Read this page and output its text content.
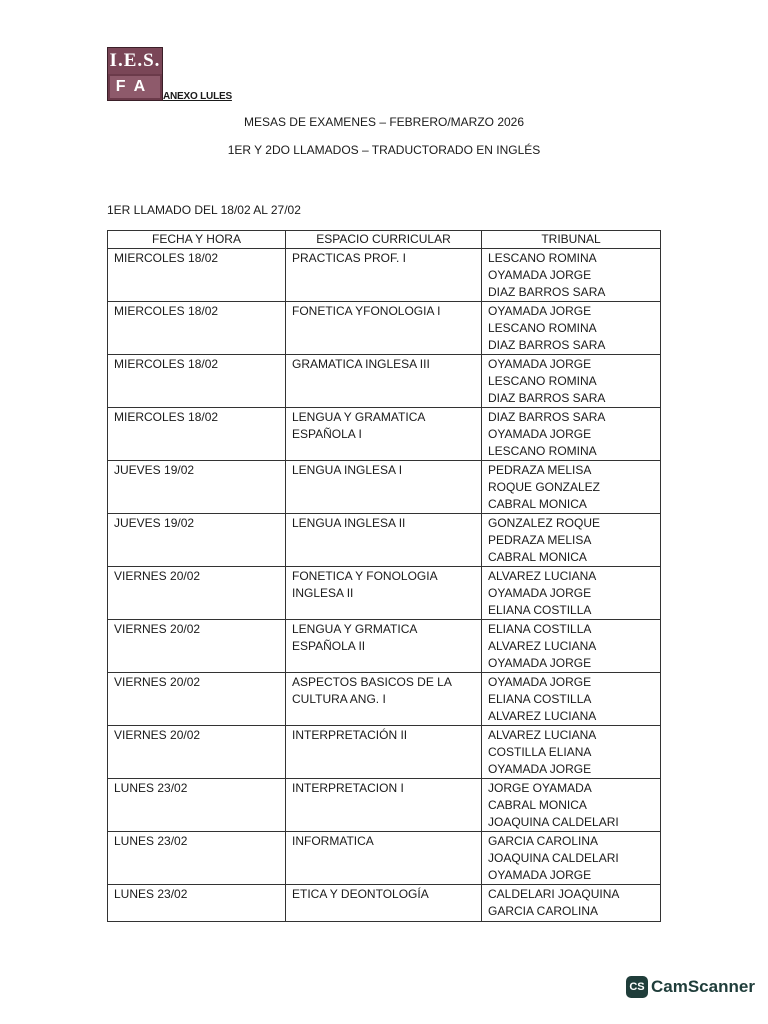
I.E.S.
FA
ANEXO LULES
MESAS DE EXAMENES – FEBRERO/MARZO 2026
1ER Y 2DO LLAMADOS – TRADUCTORADO EN INGLÉS
1ER LLAMADO DEL 18/02 AL 27/02
FECHA Y HORA	ESPACIO CURRICULAR	TRIBUNAL

MIERCOLES 18/02	PRACTICAS PROF. I	LESCANO ROMINA
OYAMADA JORGE
DIAZ BARROS SARA

MIERCOLES 18/02	FONETICA YFONOLOGIA I	OYAMADA JORGE
LESCANO ROMINA
DIAZ BARROS SARA

MIERCOLES 18/02	GRAMATICA INGLESA III	OYAMADA JORGE
LESCANO ROMINA
DIAZ BARROS SARA

MIERCOLES 18/02	LENGUA Y GRAMATICA
ESPAÑOLA I	DIAZ BARROS SARA
OYAMADA JORGE
LESCANO ROMINA

JUEVES 19/02	LENGUA INGLESA I	PEDRAZA MELISA
ROQUE GONZALEZ
CABRAL MONICA

JUEVES 19/02	LENGUA INGLESA II	GONZALEZ ROQUE
PEDRAZA MELISA
CABRAL MONICA

VIERNES 20/02	FONETICA Y FONOLOGIA
INGLESA II	ALVAREZ LUCIANA
OYAMADA JORGE
ELIANA COSTILLA

VIERNES 20/02	LENGUA Y GRMATICA
ESPAÑOLA II	ELIANA COSTILLA
ALVAREZ LUCIANA
OYAMADA JORGE

VIERNES 20/02	ASPECTOS BASICOS DE LA
CULTURA ANG. I	OYAMADA JORGE
ELIANA COSTILLA
ALVAREZ LUCIANA

VIERNES 20/02	INTERPRETACIÓN II	ALVAREZ LUCIANA
COSTILLA ELIANA
OYAMADA JORGE

LUNES 23/02	INTERPRETACION I	JORGE OYAMADA
CABRAL MONICA
JOAQUINA CALDELARI

LUNES 23/02	INFORMATICA	GARCIA CAROLINA
JOAQUINA CALDELARI
OYAMADA JORGE

LUNES 23/02	ETICA Y DEONTOLOGÍA	CALDELARI JOAQUINA
GARCIA CAROLINA
CS CamScanner
